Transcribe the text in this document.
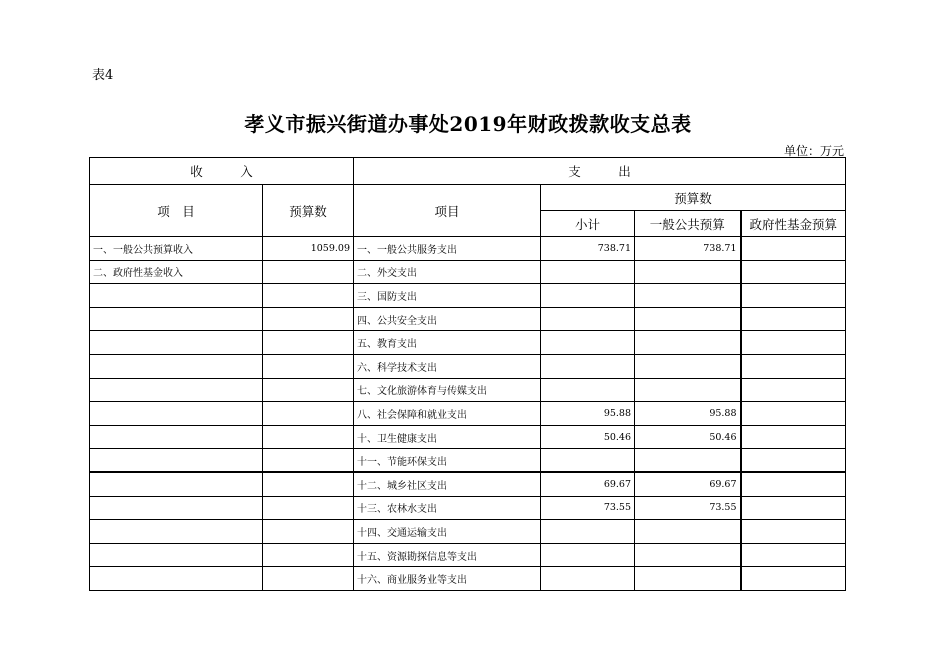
表4
孝义市振兴街道办事处2019年财政拨款收支总表
单位：万元
收　　　入		支　　　出			
项　目	预算数	项目	预算数		
			小计	一般公共预算	政府性基金预算
一、一般公共预算收入	1059.09	一、一般公共服务支出	738.71	738.71	
二、政府性基金收入		二、外交支出			
		三、国防支出			
		四、公共安全支出			
		五、教育支出			
		六、科学技术支出			
		七、文化旅游体育与传媒支出			
		八、社会保障和就业支出	95.88	95.88	
		十、卫生健康支出	50.46	50.46	
		十一、节能环保支出			
		十二、城乡社区支出	69.67	69.67	
		十三、农林水支出	73.55	73.55	
		十四、交通运输支出			
		十五、资源勘探信息等支出			
		十六、商业服务业等支出			
